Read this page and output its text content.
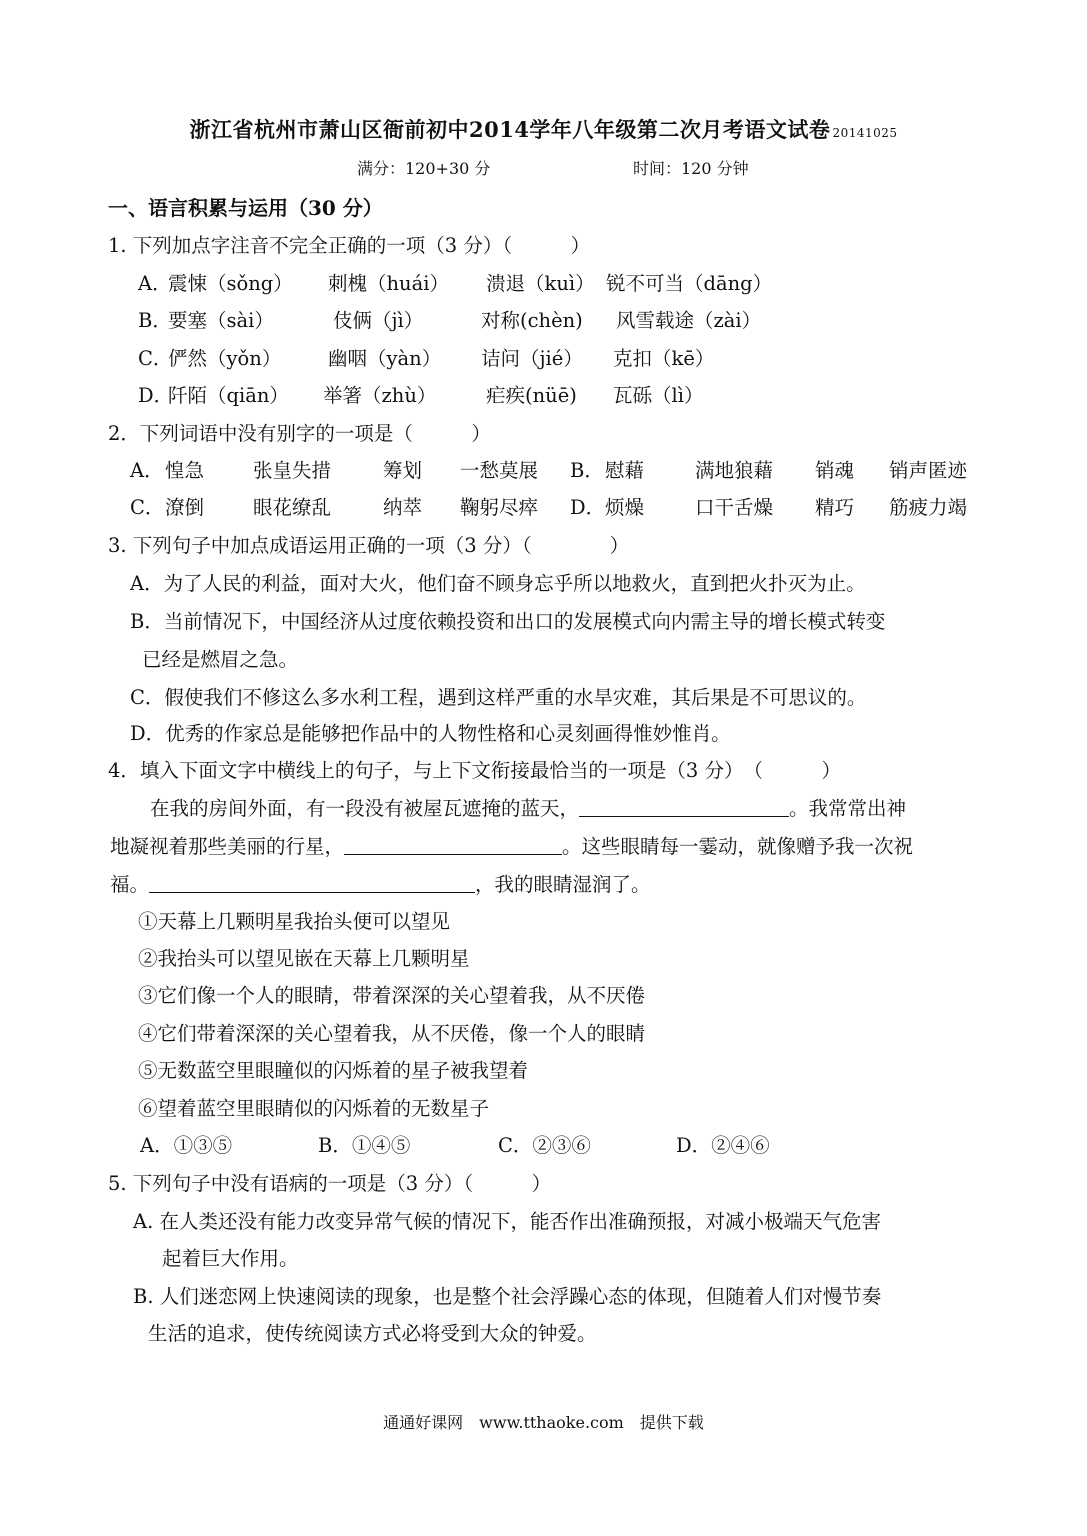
浙江省杭州市萧山区衙前初中2014学年八年级第二次月考语文试卷 20141025
满分：120+30 分	时间：120 分钟
一、语言积累与运用（30 分）
1. 下列加点字注音不完全正确的一项（3 分）（　　　）
A．震悚（sǒng） 刺槐（huái） 溃退（kuì） 锐不可当（dāng）
B．要塞（sài）	伎俩（jì）	对称(chèn) 风雪载途（zài）
C．俨然（yǒn） 幽咽（yàn） 诘问（jié） 克扣（kē）
D．阡陌（qiān） 举箸（zhù）	疟疾(nüē) 瓦砾（lì）
2．下列词语中没有别字的一项是（　　　）
A．惶急	张皇失措	筹划 一愁莫展 B．慰藉	满地狼藉 销魂 销声匿迹
C．潦倒	眼花缭乱	纳萃 鞠躬尽瘁 D．烦燥	口干舌燥 精巧 筋疲力竭
3. 下列句子中加点成语运用正确的一项（3 分）（　　　　）
A．为了人民的利益，面对大火，他们奋不顾身忘乎所以地救火，直到把火扑灭为止。
B．当前情况下，中国经济从过度依赖投资和出口的发展模式向内需主导的增长模式转变
已经是燃眉之急。
C．假使我们不修这么多水利工程，遇到这样严重的水旱灾难，其后果是不可思议的。
D．优秀的作家总是能够把作品中的人物性格和心灵刻画得惟妙惟肖。
4．填入下面文字中横线上的句子，与上下文衔接最恰当的一项是（3 分）　（　　　）
在我的房间外面，有一段没有被屋瓦遮掩的蓝天，	。我常常出神
地凝视着那些美丽的行星，	。这些眼睛每一霎动，就像赠予我一次祝
福。	，我的眼睛湿润了。
①天幕上几颗明星我抬头便可以望见
②我抬头可以望见嵌在天幕上几颗明星
③它们像一个人的眼睛，带着深深的关心望着我，从不厌倦
④它们带着深深的关心望着我，从不厌倦，像一个人的眼睛
⑤无数蓝空里眼瞳似的闪烁着的星子被我望着
⑥望着蓝空里眼睛似的闪烁着的无数星子
A．①③⑤	B．①④⑤	C．②③⑥	D．②④⑥
5. 下列句子中没有语病的一项是（3 分）（　　　）
A. 在人类还没有能力改变异常气候的情况下，能否作出准确预报，对减小极端天气危害
起着巨大作用。
B. 人们迷恋网上快速阅读的现象，也是整个社会浮躁心态的体现，但随着人们对慢节奏
生活的追求，使传统阅读方式必将受到大众的钟爱。
通通好课网　www.tthaoke.com　提供下载
